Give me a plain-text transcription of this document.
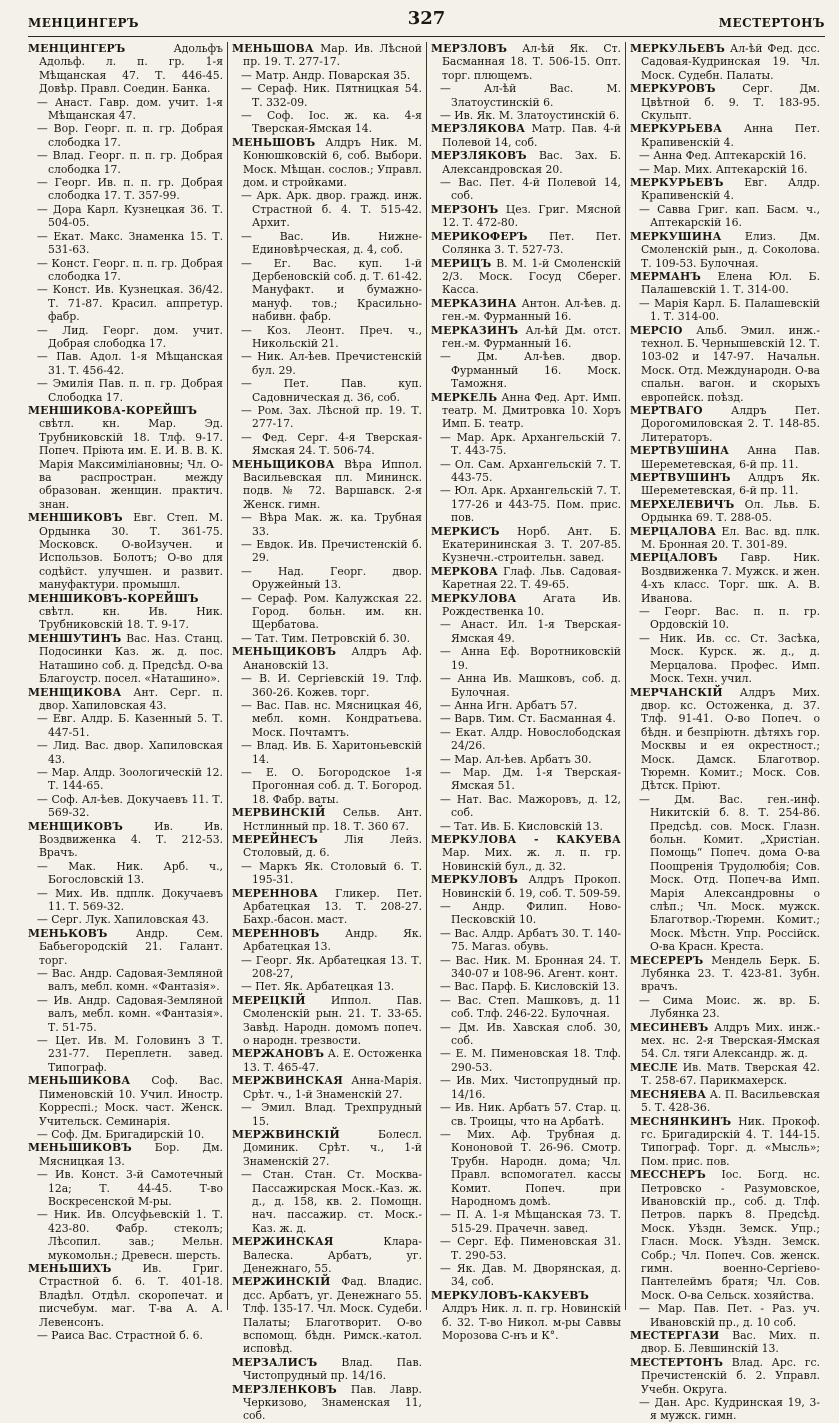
МЕНЦИНГЕРЪ	327	МЕСТЕРТОНЪ

МЕНЦИНГЕРЪ	Адольфъ Адольф. л. п. гр. 1-я Мѣщанская 47. Т. 446-45. Довѣр. Правл. Соедин. Банка.

— Анаст. Гавр. дом. учит. 1-я Мѣщанская 47.

— Вор. Георг. п. п. гр. Добрая слободка 17.

— Влад. Георг. п. п. гр. Добрая слободка 17.

— Георг. Ив. п. п. гр. Добрая слободка 17. Т. 357-99.

— Дора Карл. Кузнецкая 36. Т. 504-05.

— Екат. Макс. Знаменка 15. Т. 531-63.

— Конст. Георг. п. п. гр. Добрая слободка 17.

— Конст. Ив. Кузнецкая. 36/42. Т. 71-87. Красил. аппретур. фабр.

— Лид. Георг. дом. учит. Добрая слободка 17.

— Пав. Адол. 1-я Мѣщанская 31. Т. 456-42.

— Эмилія Пав. п. п. гр. Добрая Слободка 17.

МЕНШИКОВА-КОРЕЙШЪ свѣтл. кн. Мар. Эд. Трубниковскій 18. Тлф. 9-17. Попеч. Пріюта им. Е. И. В. В. К. Марія Максиміліановны; Чл. О-ва распростран. между образован. женщин. практич. знан.

МЕНШИКОВЪ Евг. Степ. М. Ордынка 30. Т. 361-75. Московск. О-воИзучен. и Использов. Болотъ; О-во для содѣйст. улучшен. и развит. мануфактури. промышл.

МЕНШИКОВЪ-КОРЕЙШЪ свѣтл. кн. Ив. Ник. Трубниковскій 18. Т. 9-17.

МЕНШУТИНЪ Вас. Наз. Станц. Подосинки Каз. ж. д. пос. Наташино соб. д. Предсѣд. О-ва Благоустр. посел. «Наташино».

МЕНЩИКОВА Ант. Серг. п. двор. Хапиловская 43.

— Евг. Алдр. Б. Казенный 5. Т. 447-51.

— Лид. Вас. двор. Хапиловская 43.

— Мар. Алдр. Зоологическій 12. Т. 144-65.

— Соф. Ал-ѣев. Докучаевъ 11. Т. 569-32.

МЕНЩИКОВЪ	Ив. Ив. Воздвиженка 4. Т. 212-53. Врачъ.

— Мак. Ник. Арб. ч., Богословскій 13.

— Мих. Ив. пдплк. Докучаевъ 11. Т. 569-32.

— Серг. Лук. Хапиловская 43.

МЕНЬКОВЪ	Андр. Сем. Бабьегородскій 21. Галант. торг.

— Вас. Андр. Садовая-Земляной валъ, мебл. комн. «Фантазія».

— Ив. Андр. Садовая-Земляной валъ, мебл. комн. «Фантазія». Т. 51-75.

— Цет. Ив. М. Головинъ 3 Т. 231-77. Переплетн. завед. Типограф.

МЕНЬШИКОВА Соф. Вас. Пименовскій 10. Учил. Иностр. Корреспі.; Моск. част. Женск. Учительск. Семинарія.

— Соф. Дм. Бригадирскій 10.

МЕНЬШИКОВЪ Бор. Дм. Мясницкая 13.

— Ив. Конст. 3-й Самотечный 12а; Т. 44-45. Т-во Воскресенской М-ры.

— Ник. Ив. Олсуфьевскій 1. Т. 423-80. Фабр. стеколъ; Лѣсопил. зав.; Мельн. мукомольн.; Древесн. шерсть.

МЕНЬШИХЪ	Ив. Григ. Страстной б. 6. Т. 401-18. Владѣл. Отдѣл. скоропечат. и писчебум. маг. Т-ва А. А. Левенсонъ.

— Раиса Вас. Страстной б. 6.

МЕНЬШОВА Мар. Ив. Лѣсной пр. 19. Т. 277-17.

— Матр. Андр. Поварская 35.

— Сераф. Ник. Пятницкая 54. Т. 332-09.

— Соф. Іос. ж. ка. 4-я Тверская-Ямская 14.

МЕНЬШОВЪ Алдръ Ник. М. Конюшковскій 6, соб. Выбори. Моск. Мѣщан. сослов.; Управл. дом. и стройками.

— Арк. Арк. двор. гражд. инж. Страстной б. 4. Т. 515-42. Архит.

— Вас. Ив. Нижне-Единовѣрческая, д. 4, соб.

— Ег. Вас. куп. 1-й Дербеновскій соб. д. Т. 61-42. Мануфакт. и бумажно-мануф. тов.; Красильно-набивн. фабр.

— Коз. Леонт. Преч. ч., Никольскій 21.

— Ник. Ал-ѣев. Пречистенскій бул. 29.

— Пет. Пав. куп. Садовническая д. 36, соб.

— Ром. Зах. Лѣсной пр. 19. Т. 277-17.

— Фед. Серг. 4-я Тверская-Ямская 24. Т. 506-74.

МЕНЬЩИКОВА Вѣра Иппол. Васильевская пл. Мининск. подв. № 72. Варшавск. 2-я Женск. гимн.

— Вѣра Мак. ж. ка. Трубная 33.

— Евдок. Ив. Пречистенскій б. 29.

— Над. Георг. двор. Оружейный 13.

— Сераф. Ром. Калужская 22. Город. больн. им. кн. Щербатова.

— Тат. Тим. Петровскій б. 30.

МЕНЬЩИКОВЪ Алдръ Аф. Анановскій 13.

— В. И. Сергіевскій 19. Тлф. 360-26. Кожев. торг.

— Вас. Пав. нс. Мясницкая 46, мебл. комн. Кондратьева. Моск. Почтамтъ.

— Влад. Ив. Б. Харитоньевскій 14.

— Е. О. Богородское 1-я Прогонная соб. д. Т. Богород. 18. Фабр. ваты.

МЕРВИНСКІЙ Сельв. Ант. Нстлинный пр. 18. Т. 360 67.

МЕРЕЙНЕСЪ Лія Лейз. Столовый, д. 6.

— Маркъ Як. Столовый 6. Т. 195-31.

МЕРЕННОВА Гликер. Пет. Арбатецкая 13. Т. 208-27. Бахр.-басон. маст.

МЕРЕННОВЪ Андр. Як. Арбатецкая 13.

— Георг. Як. Арбатецкая 13. Т. 208-27,

— Пет. Як. Арбатецкая 13.

МЕРЕЦКІЙ Иппол. Пав. Смоленскій рын. 21. Т. 33-65. Завѣд. Народн. домомъ попеч. о народн. трезвости.

МЕРЖАНОВЪ А. Е. Остоженка 13. Т. 465-47.

МЕРЖВИНСКАЯ Анна-Марія. Срѣт. ч., 1-й Знаменскій 27.

— Эмил. Влад. Трехпрудный 15.

МЕРЖВИНСКІЙ	Болесл. Доминик. Срѣт. ч., 1-й Знаменскій 27.

— Стан. Стан. Ст. Москва-Пассажирская Моск.-Каз. ж. д., д. 158, кв. 2. Помощн. нач. пассажир. ст. Моск.-Каз. ж. д.

МЕРЖИНСКАЯ	Клара-Валеска. Арбатъ, уг. Денежнаго, 55.

МЕРЖИНСКІЙ Фад. Владис. дсс. Арбатъ, уг. Денежнаго 55. Тлф. 135-17. Чл. Моск. Судеби. Палаты; Благотворит. О-во вспомощ. бѣдн. Римск.-катол. исповѣд.

МЕРЗАЛИСЪ Влад. Пав. Чистопрудный пр. 14/16.

МЕРЗЛЕНКОВЪ Пав. Лавр. Черкизово, Знаменская 11, соб.

МЕРЗЛОВЪ Ал-ѣй Як. Ст. Басманная 18. Т. 506-15. Опт. торг. плющемъ.

— Ал-ѣй Вас. М. Златоустинскій 6.

— Ив. Як. М. Златоустинскій 6.

МЕРЗЛЯКОВА Матр. Пав. 4-й Полевой 14, соб.

МЕРЗЛЯКОВЪ Вас. Зах. Б. Александровская 20.

— Вас. Пет. 4-й Полевой 14, соб.

МЕРЗОНЪ Цез. Григ. Мясной 12. Т. 472-80.

МЕРИКОФЕРЪ Пет. Пет. Солянка 3. Т. 527-73.

МЕРИЦЪ В. М. 1-й Смоленскій 2/3. Моск. Госуд Сберег. Касса.

МЕРКАЗИНА Антон. Ал-ѣев. д. ген.-м. Фурманный 16.

МЕРКАЗИНЪ Ал-ѣй Дм. отст. ген.-м. Фурманный 16.

— Дм. Ал-ѣев. двор. Фурманный 16. Моск. Таможня.

МЕРКЕЛЬ Анна Фед. Арт. Имп. театр. М. Дмитровка 10. Хоръ Имп. Б. театр.

— Мар. Арк. Архангельскій 7. Т. 443-75.

— Ол. Сам. Архангельскій 7. Т. 443-75.

— Юл. Арк. Архангельскій 7. Т. 177-26 и 443-75. Пом. прис. пов.

МЕРКИСЪ Норб. Ант. Б. Екатерининская 3. Т. 207-85. Кузнечн.-строительн. завед.

МЕРКОВА Глаф. Льв. Садовая-Каретная 22. Т. 49-65.

МЕРКУЛОВА Агата Ив. Рождественка 10.

— Анаст. Ил. 1-я Тверская-Ямская 49.

— Анна Еф. Воротниковскій 19.

— Анна Ив. Машковъ, соб. д. Булочная.

— Анна Игн. Арбатъ 57.

— Варв. Тим. Ст. Басманная 4.

— Екат. Алдр. Новослободская 24/26.

— Мар. Ал-ѣев. Арбатъ 30.

— Мар. Дм. 1-я Тверская-Ямская 51.

— Нат. Вас. Мажоровъ, д. 12, соб.

— Тат. Ив. Б. Кисловскій 13.

МЕРКУЛОВА - КАКУЕВА Мар. Мих. ж. л. п. гр. Новинскій бул., д. 32.

МЕРКУЛОВЪ Алдръ Прокоп. Новинскій б. 19, соб. Т. 509-59.

— Андр. Филип. Ново-Песковскій 10.

— Вас. Алдр. Арбатъ 30. Т. 140-75. Магаз. обувь.

— Вас. Ник. М. Бронная 24. Т. 340-07 и 108-96. Агент. конт.

— Вас. Парф. Б. Кисловскій 13.

— Вас. Степ. Машковъ, д. 11 соб. Тлф. 246-22. Булочная.

— Дм. Ив. Хавская слоб. 30, соб.

— Е. М. Пименовская 18. Тлф. 290-53.

— Ив. Мих. Чистопрудный пр. 14/16.

— Ив. Ник. Арбатъ 57. Стар. ц. св. Троицы, что на Арбатѣ.

— Мих. Аф. Трубная д. Кононовой Т. 26-96. Смотр. Трубн. Народн. дома; Чл. Правл. вспомогател. кассы Комит. Попеч. при Народномъ домѣ.

— П. А. 1-я Мѣщанская 73. Т. 515-29. Прачечн. завед.

— Серг. Еф. Пименовская 31. Т. 290-53.

— Як. Дав. М. Дворянская, д. 34, соб.

МЕРКУЛОВЪ-КАКУЕВЪ Алдръ Ник. л. п. гр. Новинскій б. 32. Т-во Никол. м-ры Саввы Морозова С-нъ и К°.

МЕРКУЛЬЕВЪ Ал-ѣй Фед. дсс. Садовая-Кудринская 19. Чл. Моск. Судебн. Палаты.

МЕРКУРОВЪ Серг. Дм. Цвѣтной б. 9. Т. 183-95. Скульпт.

МЕРКУРЬЕВА Анна Пет. Крапивенскій 4.

— Анна Фед. Аптекарскій 16.

— Мар. Мих. Аптекарскій 16.

МЕРКУРЬЕВЪ Евг. Алдр. Крапивенскій 4.

— Савва Григ. кап. Басм. ч., Аптекарскій 16.

МЕРКУШИНА Елиз. Дм. Смоленскій рын., д. Соколова. Т. 109-53. Булочная.

МЕРМАНЪ Елена Юл. Б. Палашевскій 1. Т. 314-00.

— Марія Карл. Б. Палашевскій 1. Т. 314-00.

МЕРСІО Альб. Эмил. инж.-технол. Б. Чернышевскій 12. Т. 103-02 и 147-97. Начальн. Моск. Отд. Международн. О-ва спальн. вагон. и скорыхъ европейск. поѣзд.

МЕРТВАГО	Алдръ Пет. Дорогомиловская 2. Т. 148-85. Литераторъ.

МЕРТВУШИНА Анна Пав. Шереметевская, 6-й пр. 11.

МЕРТВУШИНЪ Алдръ Як. Шереметевская, 6-й пр. 11.

МЕРХЕЛЕВИЧЪ Ол. Льв. Б. Ордынка 69. Т. 288-05.

МЕРЦАЛОВА Ел. Вас. вд. плк. М. Бронная 20. Т. 301-89.

МЕРЦАЛОВЪ Гавр. Ник. Воздвиженка 7. Мужск. и жен. 4-хъ класс. Торг. шк. А. В. Иванова.

— Георг. Вас. п. п. гр. Ордовскій 10.

— Ник. Ив. сс. Ст. Засѣка, Моск. Курск. ж. д., д. Мерцалова. Профес. Имп. Моск. Техн. учил.

МЕРЧАНСКІЙ Алдръ Мих. двор. кс. Остоженка, д. 37. Тлф. 91-41. О-во Попеч. о бѣдн. и безпріютн. дѣтяхъ гор. Москвы и ея окрестност.; Моск. Дамск. Благотвор. Тюремн. Комит.; Моск. Сов. Дѣтск. Пріют.

— Дм. Вас. ген.-инф. Никитскій б. 8. Т. 254-86. Предсѣд. сов. Моск. Глазн. больн. Комит. „Христіан. Помощь“ Попеч. дома О-ва Поощренія Трудолюбія; Сов. Моск. Отд. Попеч-ва Имп. Марія Александровны о слѣп.; Чл. Моск. мужск. Благотвор.-Тюремн. Комит.; Моск. Мѣстн. Упр. Россійск. О-ва Красн. Креста.

МЕСЕРЕРЪ Мендель Берк. Б. Лубянка 23. Т. 423-81. Зубн. врачъ.

— Сима Моис. ж. вр. Б. Лубянка 23.

МЕСИНЕВЪ Алдръ Мих. инж.-мех. нс. 2-я Тверская-Ямская 54. Сл. тяги Александр. ж. д.

МЕСЛЕ Ив. Матв. Тверская 42. Т. 258-67. Парикмахерск.

МЕСНЯЕВА А. П. Васильевская 5. Т. 428-36.

МЕСНЯНКИНЪ Ник. Прокоф. гс. Бригадирскій 4. Т. 144-15. Типограф. Торг. д. «Мысль»; Пом. прис. пов.

МЕССНЕРЪ Іос. Богд. нс. Петровско - Разумовское, Ивановскій пр., соб. д. Тлф. Петров. паркъ 8. Предсѣд. Моск. Уѣздн. Земск. Упр.; Гласн. Моск. Уѣздн. Земск. Собр.; Чл. Попеч. Сов. женск. гимн. военно-Сергіево-Пантелеймъ братя; Чл. Сов. Моск. О-ва Сельск. хозяйства.

— Мар. Пав. Пет. - Раз. уч. Ивановскій пр., д. 10 соб.

МЕСТЕРГАЗИ Вас. Мих. п. двор. Б. Левшинскій 13.

МЕСТЕРТОНЪ Влад. Арс. гс. Пречистенскій б. 2. Управл. Учебн. Округа.

— Дан. Арс. Кудринская 19, 3-я мужск. гимн.
